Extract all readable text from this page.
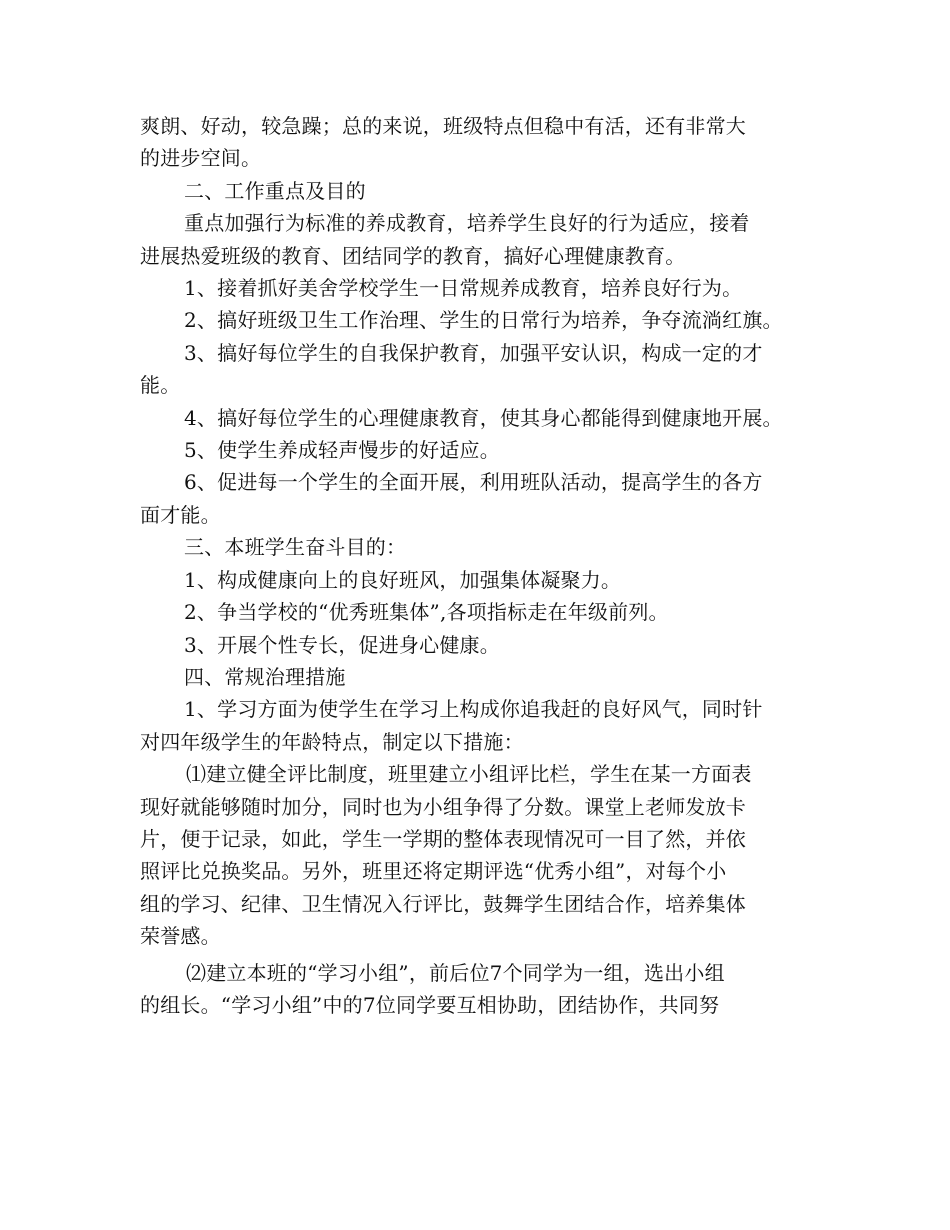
爽朗、好动，较急躁；总的来说，班级特点但稳中有活，还有非常大

的进步空间。

二、工作重点及目的

重点加强行为标准的养成教育，培养学生良好的行为适应，接着

进展热爱班级的教育、团结同学的教育，搞好心理健康教育。

1、接着抓好美舍学校学生一日常规养成教育，培养良好行为。

2、搞好班级卫生工作治理、学生的日常行为培养，争夺流淌红旗。

3、搞好每位学生的自我保护教育，加强平安认识，构成一定的才

能。

4、搞好每位学生的心理健康教育，使其身心都能得到健康地开展。

5、使学生养成轻声慢步的好适应。

6、促进每一个学生的全面开展，利用班队活动，提高学生的各方

面才能。

三、本班学生奋斗目的：

1、构成健康向上的良好班风，加强集体凝聚力。

2、争当学校的“优秀班集体”,各项指标走在年级前列。

3、开展个性专长，促进身心健康。

四、常规治理措施

1、学习方面为使学生在学习上构成你追我赶的良好风气，同时针

对四年级学生的年龄特点，制定以下措施：

⑴建立健全评比制度，班里建立小组评比栏，学生在某一方面表

现好就能够随时加分，同时也为小组争得了分数。课堂上老师发放卡

片，便于记录，如此，学生一学期的整体表现情况可一目了然，并依

照评比兑换奖品。另外，班里还将定期评选“优秀小组”，对每个小

组的学习、纪律、卫生情况入行评比，鼓舞学生团结合作，培养集体

荣誉感。

⑵建立本班的“学习小组”，前后位7个同学为一组，选出小组

的组长。“学习小组”中的7位同学要互相协助，团结协作，共同努
